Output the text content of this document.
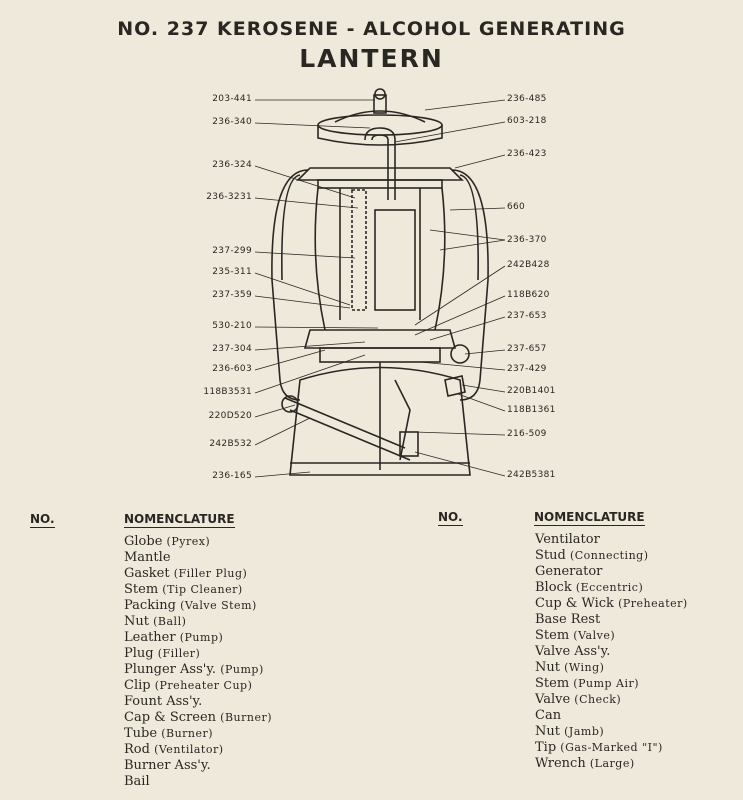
NO. 237 KEROSENE - ALCOHOL GENERATING
LANTERN
203-441
236-340
236-324
236-3231
237-299
235-311
237-359
530-210
237-304
236-603
118B3531
220D520
242B532
236-165
236-485
603-218
236-423
660
236-370
242B428
118B620
237-653
237-657
237-429
220B1401
118B1361
216-509
242B5381
NO.	NOMENCLATURE	NO.	NOMENCLATURE
Globe (Pyrex)
Mantle
Gasket (Filler Plug)
Stem (Tip Cleaner)
Packing (Valve Stem)
Nut (Ball)
Leather (Pump)
Plug (Filler)
Plunger Ass'y. (Pump)
Clip (Preheater Cup)
Fount Ass'y.
Cap & Screen (Burner)
Tube (Burner)
Rod (Ventilator)
Burner Ass'y.
Bail
Ventilator
Stud (Connecting)
Generator
Block (Eccentric)
Cup & Wick (Preheater)
Base Rest
Stem (Valve)
Valve Ass'y.
Nut (Wing)
Stem (Pump Air)
Valve (Check)
Can
Nut (Jamb)
Tip (Gas-Marked "I")
Wrench (Large)
